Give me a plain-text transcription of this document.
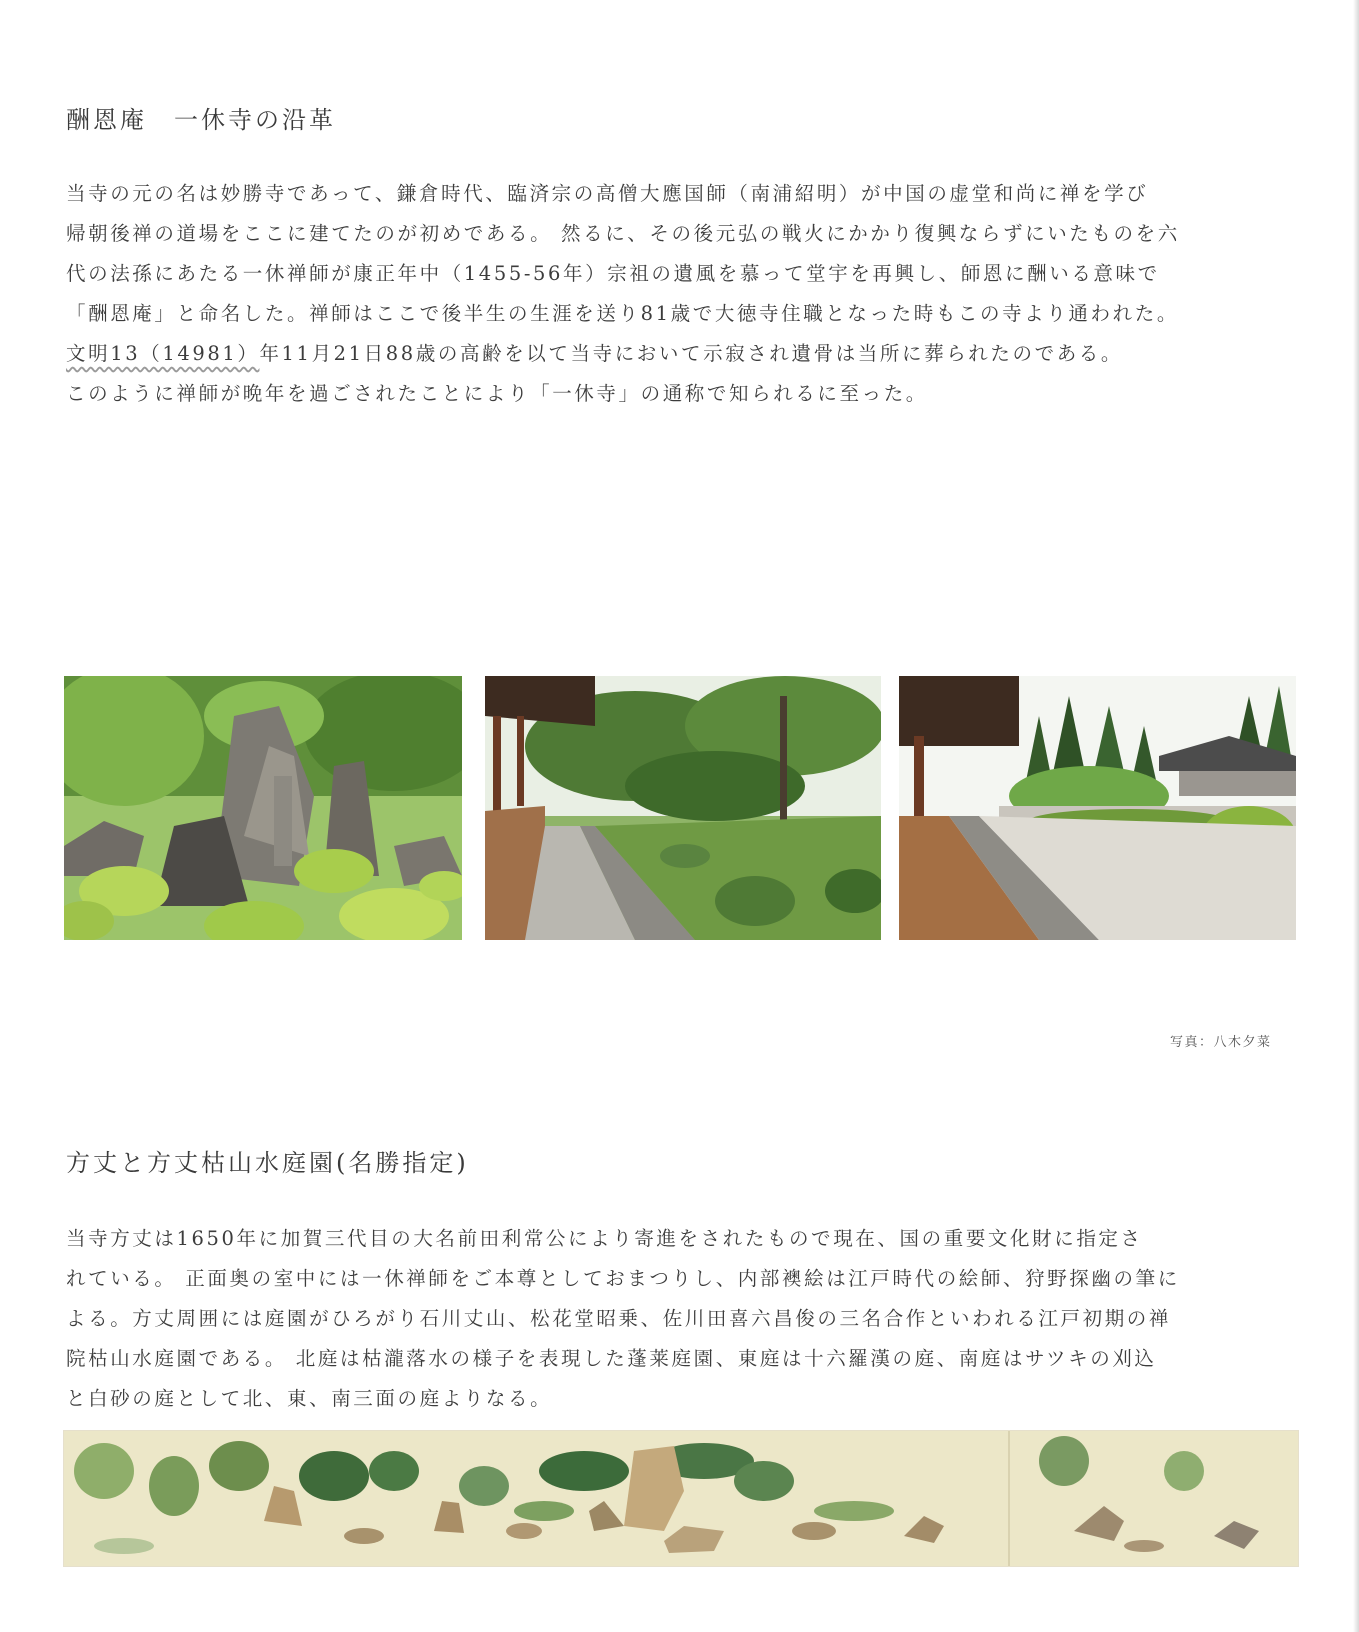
酬恩庵　一休寺の沿革
当寺の元の名は妙勝寺であって、鎌倉時代、臨済宗の高僧大應国師（南浦紹明）が中国の虚堂和尚に禅を学び
帰朝後禅の道場をここに建てたのが初めである。 然るに、その後元弘の戦火にかかり復興ならずにいたものを六
代の法孫にあたる一休禅師が康正年中（1455-56年）宗祖の遺風を慕って堂宇を再興し、師恩に酬いる意味で
「酬恩庵」と命名した。禅師はここで後半生の生涯を送り81歳で大徳寺住職となった時もこの寺より通われた。
文明13（14981）年11月21日88歳の高齢を以て当寺において示寂され遺骨は当所に葬られたのである。
このように禅師が晩年を過ごされたことにより「一休寺」の通称で知られるに至った。
写真：八木夕菜
方丈と方丈枯山水庭園(名勝指定)
当寺方丈は1650年に加賀三代目の大名前田利常公により寄進をされたもので現在、国の重要文化財に指定さ
れている。 正面奥の室中には一休禅師をご本尊としておまつりし、内部襖絵は江戸時代の絵師、狩野探幽の筆に
よる。方丈周囲には庭園がひろがり石川丈山、松花堂昭乗、佐川田喜六昌俊の三名合作といわれる江戸初期の禅
院枯山水庭園である。 北庭は枯瀧落水の様子を表現した蓬莱庭園、東庭は十六羅漢の庭、南庭はサツキの刈込
と白砂の庭として北、東、南三面の庭よりなる。
